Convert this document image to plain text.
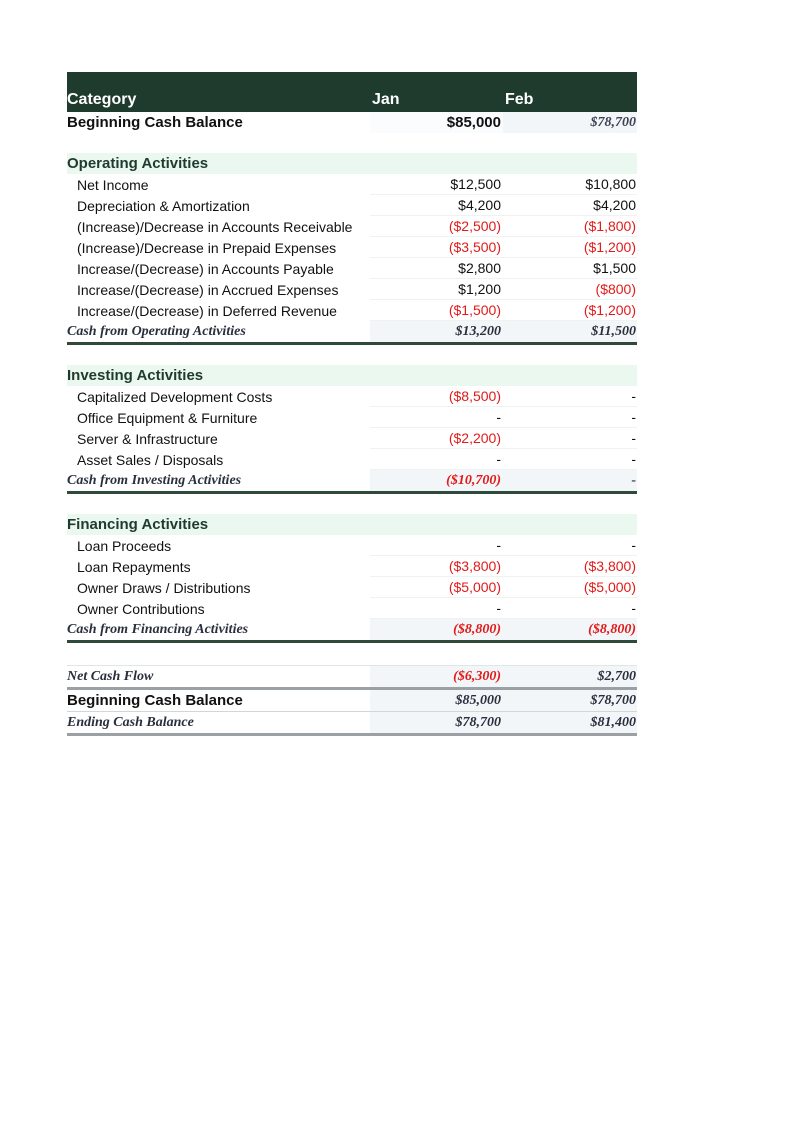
Category	Jan	Feb
Beginning Cash Balance	$85,000	$78,700
Operating Activities
Net Income	$12,500	$10,800
Depreciation & Amortization	$4,200	$4,200
(Increase)/Decrease in Accounts Receivable	($2,500)	($1,800)
(Increase)/Decrease in Prepaid Expenses	($3,500)	($1,200)
Increase/(Decrease) in Accounts Payable	$2,800	$1,500
Increase/(Decrease) in Accrued Expenses	$1,200	($800)
Increase/(Decrease) in Deferred Revenue	($1,500)	($1,200)
Cash from Operating Activities	$13,200	$11,500
Investing Activities
Capitalized Development Costs	($8,500)	-
Office Equipment & Furniture	-	-
Server & Infrastructure	($2,200)	-
Asset Sales / Disposals	-	-
Cash from Investing Activities	($10,700)	-
Financing Activities
Loan Proceeds	-	-
Loan Repayments	($3,800)	($3,800)
Owner Draws / Distributions	($5,000)	($5,000)
Owner Contributions	-	-
Cash from Financing Activities	($8,800)	($8,800)
Net Cash Flow	($6,300)	$2,700
Beginning Cash Balance	$85,000	$78,700
Ending Cash Balance	$78,700	$81,400
